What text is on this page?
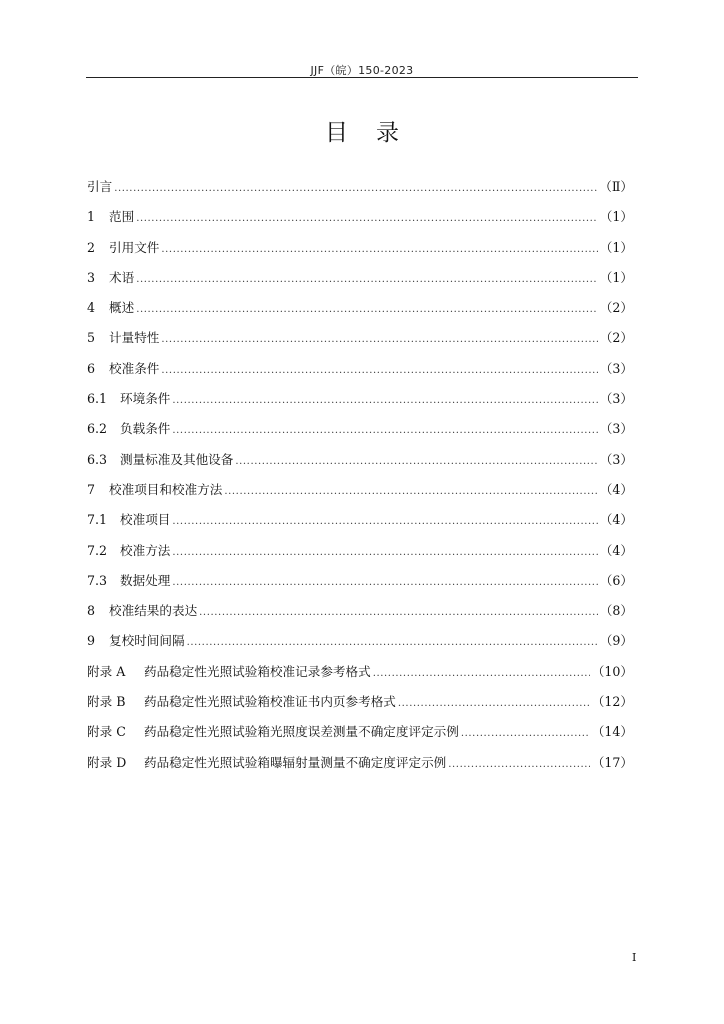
JJF（皖）150-2023
目录
引言 .....	（Ⅱ）
1	范围 .....	（1）
2	引用文件 .....	（1）
3	术语 .....	（1）
4	概述 .....	（2）
5	计量特性 .....	（2）
6	校准条件 .....	（3）
6.1	环境条件 .....	（3）
6.2	负载条件 .....	（3）
6.3	测量标准及其他设备 .....	（3）
7	校准项目和校准方法 .....	（4）
7.1	校准项目 .....	（4）
7.2	校准方法 .....	（4）
7.3	数据处理 .....	（6）
8	校准结果的表达 .....	（8）
9	复校时间间隔 .....	（9）
附录 A	药品稳定性光照试验箱校准记录参考格式 .....	（10）
附录 B	药品稳定性光照试验箱校准证书内页参考格式 .....	（12）
附录 C	药品稳定性光照试验箱光照度误差测量不确定度评定示例 .....	（14）
附录 D	药品稳定性光照试验箱曝辐射量测量不确定度评定示例 .....	（17）
I
